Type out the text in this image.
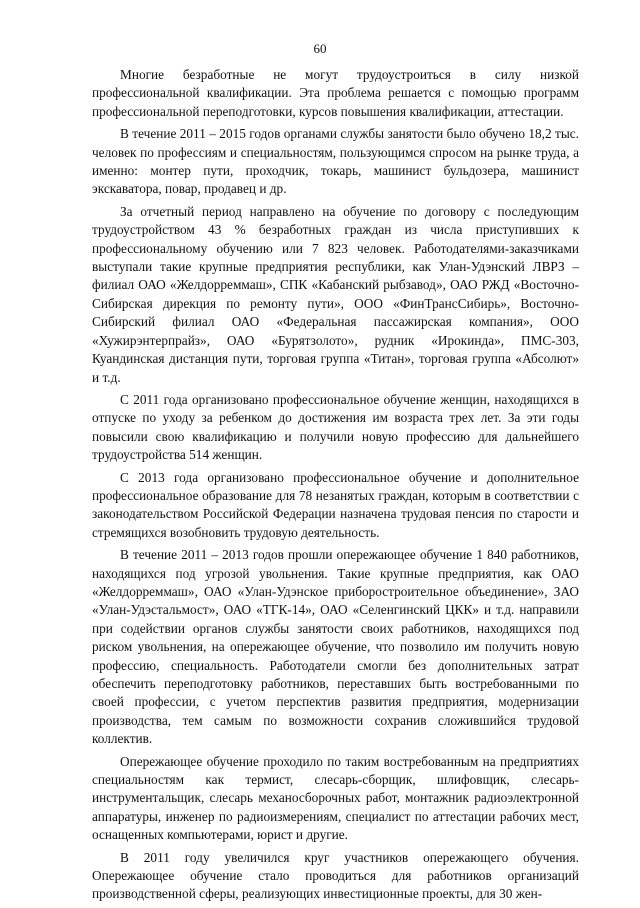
60

Многие безработные не могут трудоустроиться в силу низкой профессиональной квалификации. Эта проблема решается с помощью программ профессиональной переподготовки, курсов повышения квалификации, аттестации.

В течение 2011 – 2015 годов органами службы занятости было обучено 18,2 тыс. человек по профессиям и специальностям, пользующимся спросом на рынке труда, а именно: монтер пути, проходчик, токарь, машинист бульдозера, машинист экскаватора, повар, продавец и др.

За отчетный период направлено на обучение по договору с последующим трудоустройством 43 % безработных граждан из числа приступивших к профессиональному обучению или 7 823 человек. Работодателями-заказчиками выступали такие крупные предприятия республики, как Улан-Удэнский ЛВРЗ – филиал ОАО «Желдорреммаш», СПК «Кабанский рыбзавод», ОАО РЖД «Восточно-Сибирская дирекция по ремонту пути», ООО «ФинТрансСибирь», Восточно-Сибирский филиал ОАО «Федеральная пассажирская компания», ООО «Хужирэнтерпрайз», ОАО «Бурятзолото», рудник «Ирокинда», ПМС-303, Куандинская дистанция пути, торговая группа «Титан», торговая группа «Абсолют» и т.д.

С 2011 года организовано профессиональное обучение женщин, находящихся в отпуске по уходу за ребенком до достижения им возраста трех лет. За эти годы повысили свою квалификацию и получили новую профессию для дальнейшего трудоустройства 514 женщин.

С 2013 года организовано профессиональное обучение и дополнительное профессиональное образование для 78 незанятых граждан, которым в соответствии с законодательством Российской Федерации назначена трудовая пенсия по старости и стремящихся возобновить трудовую деятельность.

В течение 2011 – 2013 годов прошли опережающее обучение 1 840 работников, находящихся под угрозой увольнения. Такие крупные предприятия, как ОАО «Желдорреммаш», ОАО «Улан-Удэнское приборостроительное объединение», ЗАО «Улан-Удэстальмост», ОАО «ТГК-14», ОАО «Селенгинский ЦКК» и т.д. направили при содействии органов службы занятости своих работников, находящихся под риском увольнения, на опережающее обучение, что позволило им получить новую профессию, специальность. Работодатели смогли без дополнительных затрат обеспечить переподготовку работников, переставших быть востребованными по своей профессии, с учетом перспектив развития предприятия, модернизации производства, тем самым по возможности сохранив сложившийся трудовой коллектив.

Опережающее обучение проходило по таким востребованным на предприятиях специальностям как термист, слесарь-сборщик, шлифовщик, слесарь-инструментальщик, слесарь механосборочных работ, монтажник радиоэлектронной аппаратуры, инженер по радиоизмерениям, специалист по аттестации рабочих мест, оснащенных компьютерами, юрист и другие.

В 2011 году увеличился круг участников опережающего обучения. Опережающее обучение стало проводиться для работников организаций производственной сферы, реализующих инвестиционные проекты, для 30 жен-
